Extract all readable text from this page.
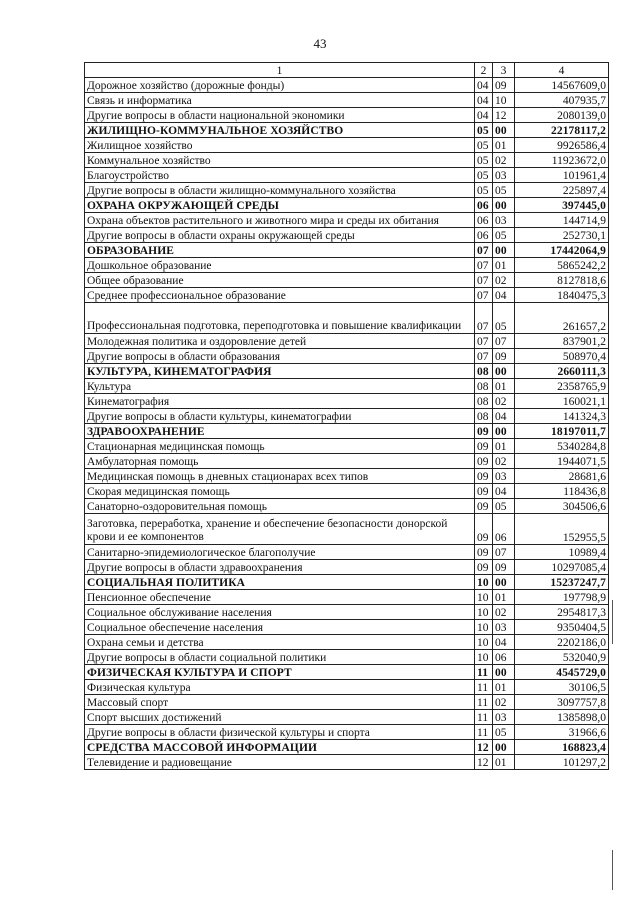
43
1	2	3	4
Дорожное хозяйство (дорожные фонды)	04	09	14567609,0
Связь и информатика	04	10	407935,7
Другие вопросы в области национальной экономики	04	12	2080139,0
ЖИЛИЩНО-КОММУНАЛЬНОЕ ХОЗЯЙСТВО	05	00	22178117,2
Жилищное хозяйство	05	01	9926586,4
Коммунальное хозяйство	05	02	11923672,0
Благоустройство	05	03	101961,4
Другие вопросы в области жилищно-коммунального хозяйства	05	05	225897,4
ОХРАНА ОКРУЖАЮЩЕЙ СРЕДЫ	06	00	397445,0
Охрана объектов растительного и животного мира и среды их обитания	06	03	144714,9
Другие вопросы в области охраны окружающей среды	06	05	252730,1
ОБРАЗОВАНИЕ	07	00	17442064,9
Дошкольное образование	07	01	5865242,2
Общее образование	07	02	8127818,6
Среднее профессиональное образование	07	04	1840475,3
Профессиональная подготовка, переподготовка и повышение квалификации	07	05	261657,2
Молодежная политика и оздоровление детей	07	07	837901,2
Другие вопросы в области образования	07	09	508970,4
КУЛЬТУРА, КИНЕМАТОГРАФИЯ	08	00	2660111,3
Культура	08	01	2358765,9
Кинематография	08	02	160021,1
Другие вопросы в области культуры, кинематографии	08	04	141324,3
ЗДРАВООХРАНЕНИЕ	09	00	18197011,7
Стационарная медицинская помощь	09	01	5340284,8
Амбулаторная помощь	09	02	1944071,5
Медицинская помощь в дневных стационарах всех типов	09	03	28681,6
Скорая медицинская помощь	09	04	118436,8
Санаторно-оздоровительная помощь	09	05	304506,6
Заготовка, переработка, хранение и обеспечение безопасности донорской крови и ее компонентов	09	06	152955,5
Санитарно-эпидемиологическое благополучие	09	07	10989,4
Другие вопросы в области здравоохранения	09	09	10297085,4
СОЦИАЛЬНАЯ ПОЛИТИКА	10	00	15237247,7
Пенсионное обеспечение	10	01	197798,9
Социальное обслуживание населения	10	02	2954817,3
Социальное обеспечение населения	10	03	9350404,5
Охрана семьи и детства	10	04	2202186,0
Другие вопросы в области социальной политики	10	06	532040,9
ФИЗИЧЕСКАЯ КУЛЬТУРА И СПОРТ	11	00	4545729,0
Физическая культура	11	01	30106,5
Массовый спорт	11	02	3097757,8
Спорт высших достижений	11	03	1385898,0
Другие вопросы в области физической культуры и спорта	11	05	31966,6
СРЕДСТВА МАССОВОЙ ИНФОРМАЦИИ	12	00	168823,4
Телевидение и радиовещание	12	01	101297,2
